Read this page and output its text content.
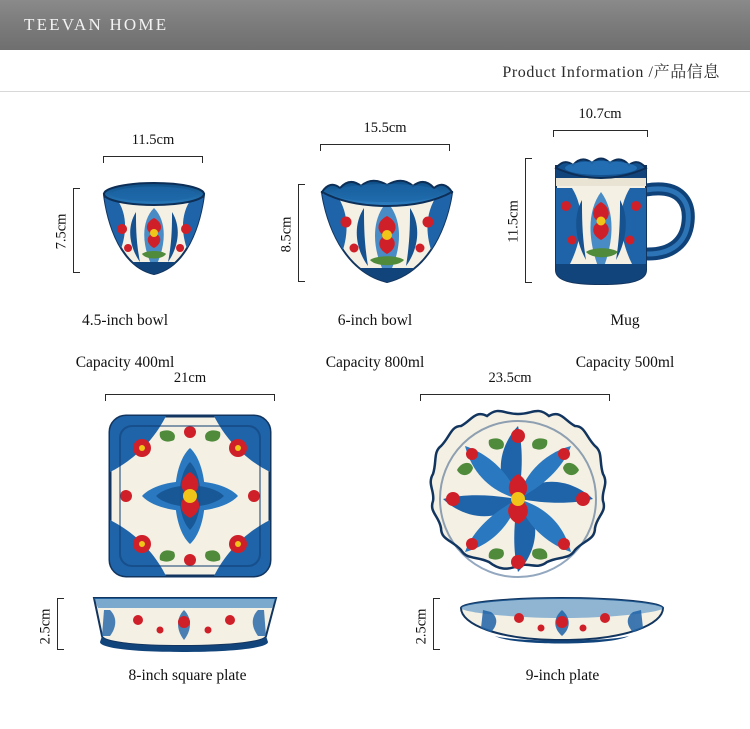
TEEVAN HOME
Product Information /产品信息
11.5cm
7.5cm
4.5-inch bowl
Capacity 400ml
15.5cm
8.5cm
6-inch bowl
Capacity 800ml
10.7cm
11.5cm
Mug
Capacity 500ml
21cm
2.5cm
8-inch square plate
23.5cm
2.5cm
9-inch plate
